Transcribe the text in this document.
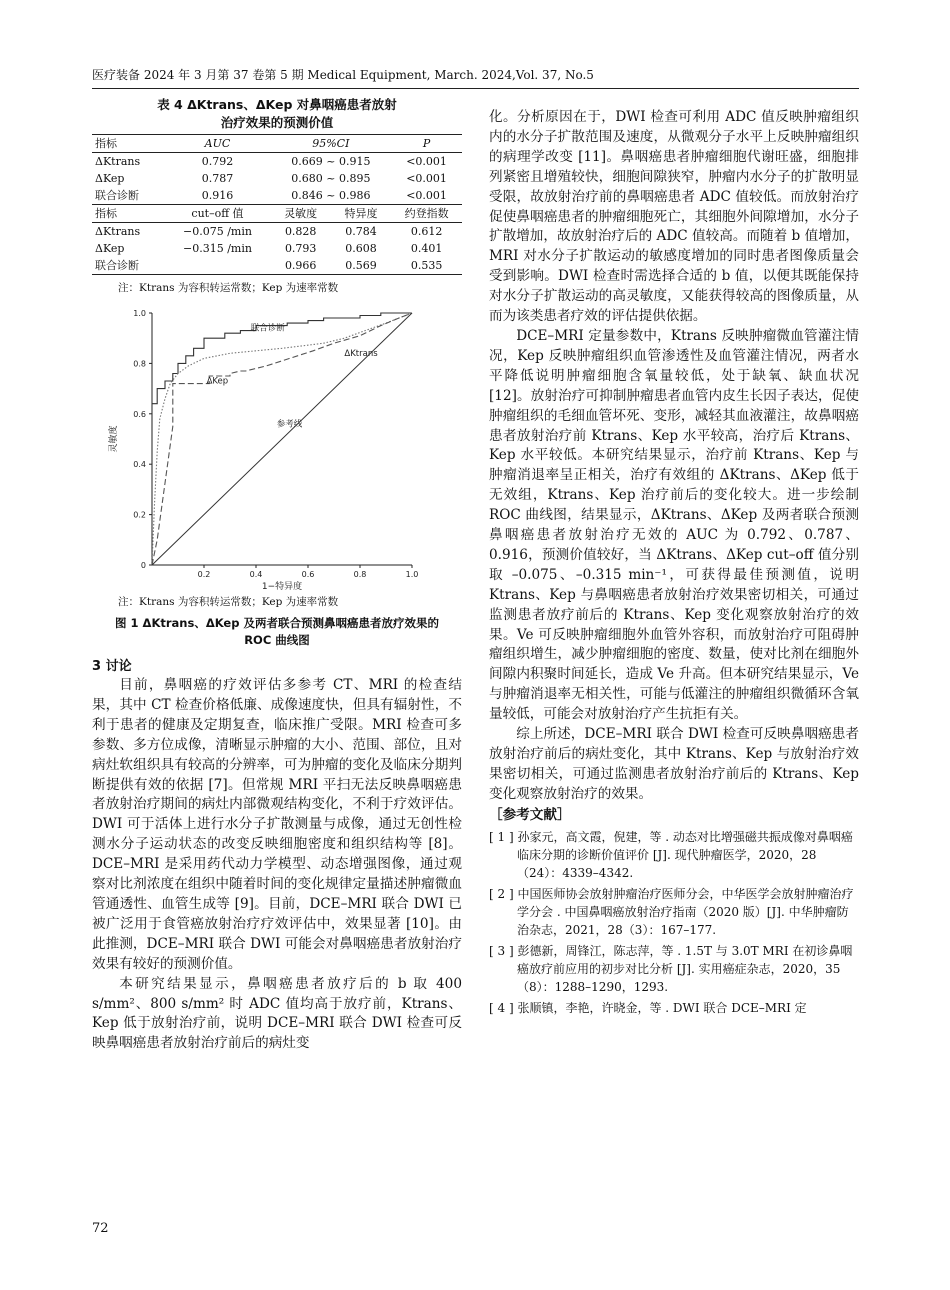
医疗装备 2024 年 3 月第 37 卷第 5 期 Medical Equipment, March. 2024,Vol. 37, No.5
表 4 ΔKtrans、ΔKep 对鼻咽癌患者放射
治疗效果的预测价值
指标	AUC	95%CI		P
ΔKtrans	0.792	0.669 ~ 0.915		<0.001
ΔKep	0.787	0.680 ~ 0.895		<0.001
联合诊断	0.916	0.846 ~ 0.986		<0.001
指标	cut–off 值	灵敏度	特异度	约登指数
ΔKtrans	−0.075 /min	0.828	0.784	0.612
ΔKep	−0.315 /min	0.793	0.608	0.401
联合诊断		0.966	0.569	0.535
注：Ktrans 为容积转运常数；Kep 为速率常数
0.2	0.4	0.6	0.8	1.0
0
0.2
0.4
0.6
0.8
1.0
联合诊断
ΔKtrans
ΔKep
参考线
1−特异度
灵敏度
注：Ktrans 为容积转运常数；Kep 为速率常数
图 1 ΔKtrans、ΔKep 及两者联合预测鼻咽癌患者放疗效果的
ROC 曲线图
3 讨论

目前，鼻咽癌的疗效评估多参考 CT、MRI 的检查结果，其中 CT 检查价格低廉、成像速度快，但具有辐射性，不利于患者的健康及定期复查，临床推广受限。MRI 检查可多参数、多方位成像，清晰显示肿瘤的大小、范围、部位，且对病灶软组织具有较高的分辨率，可为肿瘤的变化及临床分期判断提供有效的依据 [7]。但常规 MRI 平扫无法反映鼻咽癌患者放射治疗期间的病灶内部微观结构变化，不利于疗效评估。DWI 可于活体上进行水分子扩散测量与成像，通过无创性检测水分子运动状态的改变反映细胞密度和组织结构等 [8]。DCE–MRI 是采用药代动力学模型、动态增强图像，通过观察对比剂浓度在组织中随着时间的变化规律定量描述肿瘤微血管通透性、血管生成等 [9]。目前，DCE–MRI 联合 DWI 已被广泛用于食管癌放射治疗疗效评估中，效果显著 [10]。由此推测，DCE–MRI 联合 DWI 可能会对鼻咽癌患者放射治疗效果有较好的预测价值。

本研究结果显示，鼻咽癌患者放疗后的 b 取 400 s/mm²、800 s/mm² 时 ADC 值均高于放疗前，Ktrans、Kep 低于放射治疗前，说明 DCE–MRI 联合 DWI 检查可反映鼻咽癌患者放射治疗前后的病灶变

化。分析原因在于，DWI 检查可利用 ADC 值反映肿瘤组织内的水分子扩散范围及速度，从微观分子水平上反映肿瘤组织的病理学改变 [11]。鼻咽癌患者肿瘤细胞代谢旺盛，细胞排列紧密且增殖较快，细胞间隙狭窄，肿瘤内水分子的扩散明显受限，故放射治疗前的鼻咽癌患者 ADC 值较低。而放射治疗促使鼻咽癌患者的肿瘤细胞死亡，其细胞外间隙增加，水分子扩散增加，故放射治疗后的 ADC 值较高。而随着 b 值增加，MRI 对水分子扩散运动的敏感度增加的同时患者图像质量会受到影响。DWI 检查时需选择合适的 b 值，以便其既能保持对水分子扩散运动的高灵敏度，又能获得较高的图像质量，从而为该类患者疗效的评估提供依据。

DCE–MRI 定量参数中，Ktrans 反映肿瘤微血管灌注情况，Kep 反映肿瘤组织血管渗透性及血管灌注情况，两者水平降低说明肿瘤细胞含氧量较低，处于缺氧、缺血状况 [12]。放射治疗可抑制肿瘤患者血管内皮生长因子表达，促使肿瘤组织的毛细血管坏死、变形，减轻其血液灌注，故鼻咽癌患者放射治疗前 Ktrans、Kep 水平较高，治疗后 Ktrans、Kep 水平较低。本研究结果显示，治疗前 Ktrans、Kep 与肿瘤消退率呈正相关，治疗有效组的 ΔKtrans、ΔKep 低于无效组，Ktrans、Kep 治疗前后的变化较大。进一步绘制 ROC 曲线图，结果显示，ΔKtrans、ΔKep 及两者联合预测鼻咽癌患者放射治疗无效的 AUC 为 0.792、0.787、0.916，预测价值较好，当 ΔKtrans、ΔKep cut–off 值分别取 –0.075、–0.315 min⁻¹，可获得最佳预测值，说明 Ktrans、Kep 与鼻咽癌患者放射治疗效果密切相关，可通过监测患者放疗前后的 Ktrans、Kep 变化观察放射治疗的效果。Ve 可反映肿瘤细胞外血管外容积，而放射治疗可阻碍肿瘤组织增生，减少肿瘤细胞的密度、数量，使对比剂在细胞外间隙内积聚时间延长，造成 Ve 升高。但本研究结果显示，Ve 与肿瘤消退率无相关性，可能与低灌注的肿瘤组织微循环含氧量较低，可能会对放射治疗产生抗拒有关。

综上所述，DCE–MRI 联合 DWI 检查可反映鼻咽癌患者放射治疗前后的病灶变化，其中 Ktrans、Kep 与放射治疗效果密切相关，可通过监测患者放射治疗前后的 Ktrans、Kep 变化观察放射治疗的效果。

［参考文献］
[ 1 ] 孙家元，高文霞，倪建，等 . 动态对比增强磁共振成像对鼻咽癌临床分期的诊断价值评价 [J]. 现代肿瘤医学，2020，28（24）：4339–4342.
[ 2 ] 中国医师协会放射肿瘤治疗医师分会，中华医学会放射肿瘤治疗学分会 . 中国鼻咽癌放射治疗指南（2020 版）[J]. 中华肿瘤防治杂志，2021，28（3）：167–177.
[ 3 ] 彭德新，周锋江，陈志萍，等 . 1.5T 与 3.0T MRI 在初诊鼻咽癌放疗前应用的初步对比分析 [J]. 实用癌症杂志，2020，35（8）：1288–1290，1293.
[ 4 ] 张顺镇，李艳，许晓金，等 . DWI 联合 DCE–MRI 定
72
